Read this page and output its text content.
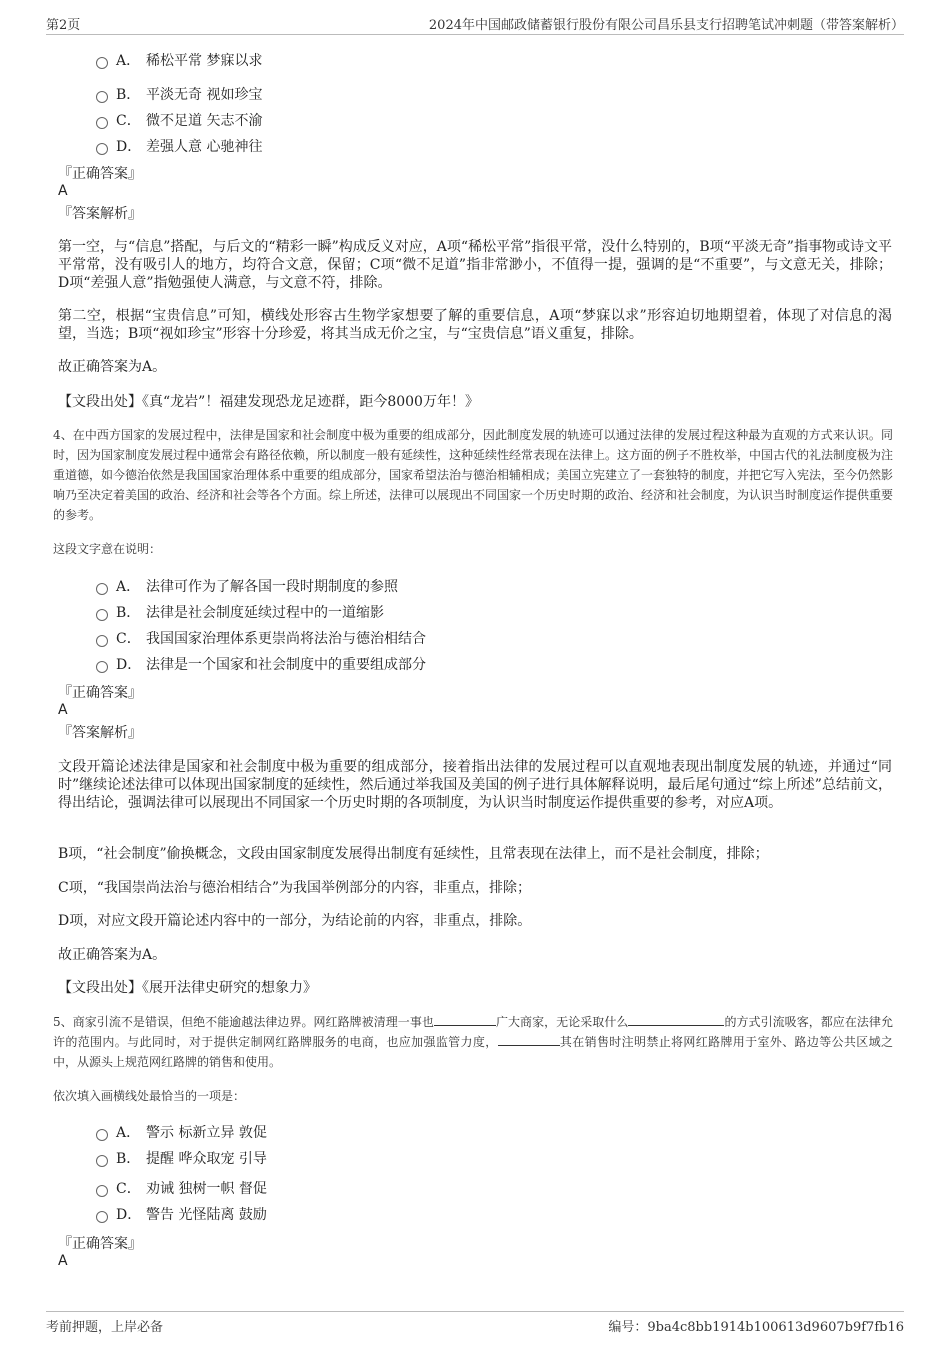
第2页	2024年中国邮政储蓄银行股份有限公司昌乐县支行招聘笔试冲刺题（带答案解析）
A． 稀松平常 梦寐以求
B． 平淡无奇 视如珍宝
C． 微不足道 矢志不渝
D． 差强人意 心驰神往
『正确答案』
A
『答案解析』
第一空，与“信息”搭配，与后文的“精彩一瞬”构成反义对应，A项“稀松平常”指很平常，没什么特别的，B项“平淡无奇”指事物或诗文平平常常，没有吸引人的地方，均符合文意，保留；C项“微不足道”指非常渺小，不值得一提，强调的是“不重要”，与文意无关，排除；D项“差强人意”指勉强使人满意，与文意不符，排除。
第二空，根据“宝贵信息”可知，横线处形容古生物学家想要了解的重要信息，A项“梦寐以求”形容迫切地期望着，体现了对信息的渴望，当选；B项“视如珍宝”形容十分珍爱，将其当成无价之宝，与“宝贵信息”语义重复，排除。
故正确答案为A。
【文段出处】《真“龙岩”！福建发现恐龙足迹群，距今8000万年！》
4、在中西方国家的发展过程中，法律是国家和社会制度中极为重要的组成部分，因此制度发展的轨迹可以通过法律的发展过程这种最为直观的方式来认识。同时，因为国家制度发展过程中通常会有路径依赖，所以制度一般有延续性，这种延续性经常表现在法律上。这方面的例子不胜枚举，中国古代的礼法制度极为注重道德，如今德治依然是我国国家治理体系中重要的组成部分，国家希望法治与德治相辅相成；美国立宪建立了一套独特的制度，并把它写入宪法，至今仍然影响乃至决定着美国的政治、经济和社会等各个方面。综上所述，法律可以展现出不同国家一个历史时期的政治、经济和社会制度，为认识当时制度运作提供重要的参考。
这段文字意在说明：
A． 法律可作为了解各国一段时期制度的参照
B． 法律是社会制度延续过程中的一道缩影
C． 我国国家治理体系更崇尚将法治与德治相结合
D． 法律是一个国家和社会制度中的重要组成部分
『正确答案』
A
『答案解析』
文段开篇论述法律是国家和社会制度中极为重要的组成部分，接着指出法律的发展过程可以直观地表现出制度发展的轨迹，并通过“同时”继续论述法律可以体现出国家制度的延续性，然后通过举我国及美国的例子进行具体解释说明，最后尾句通过“综上所述”总结前文，得出结论，强调法律可以展现出不同国家一个历史时期的各项制度，为认识当时制度运作提供重要的参考，对应A项。
B项，“社会制度”偷换概念，文段由国家制度发展得出制度有延续性，且常表现在法律上，而不是社会制度，排除；
C项，“我国崇尚法治与德治相结合”为我国举例部分的内容，非重点，排除；
D项，对应文段开篇论述内容中的一部分，为结论前的内容，非重点，排除。
故正确答案为A。
【文段出处】《展开法律史研究的想象力》
5、商家引流不是错误，但绝不能逾越法律边界。网红路牌被清理一事也	广大商家，无论采取什么	的方式引流吸客，都应在法律允许的范围内。与此同时，对于提供定制网红路牌服务的电商，也应加强监管力度，	其在销售时注明禁止将网红路牌用于室外、路边等公共区域之中，从源头上规范网红路牌的销售和使用。
依次填入画横线处最恰当的一项是：
A． 警示 标新立异 敦促
B． 提醒 哗众取宠 引导
C． 劝诫 独树一帜 督促
D． 警告 光怪陆离 鼓励
『正确答案』
A
考前押题，上岸必备	编号：9ba4c8bb1914b100613d9607b9f7fb16
